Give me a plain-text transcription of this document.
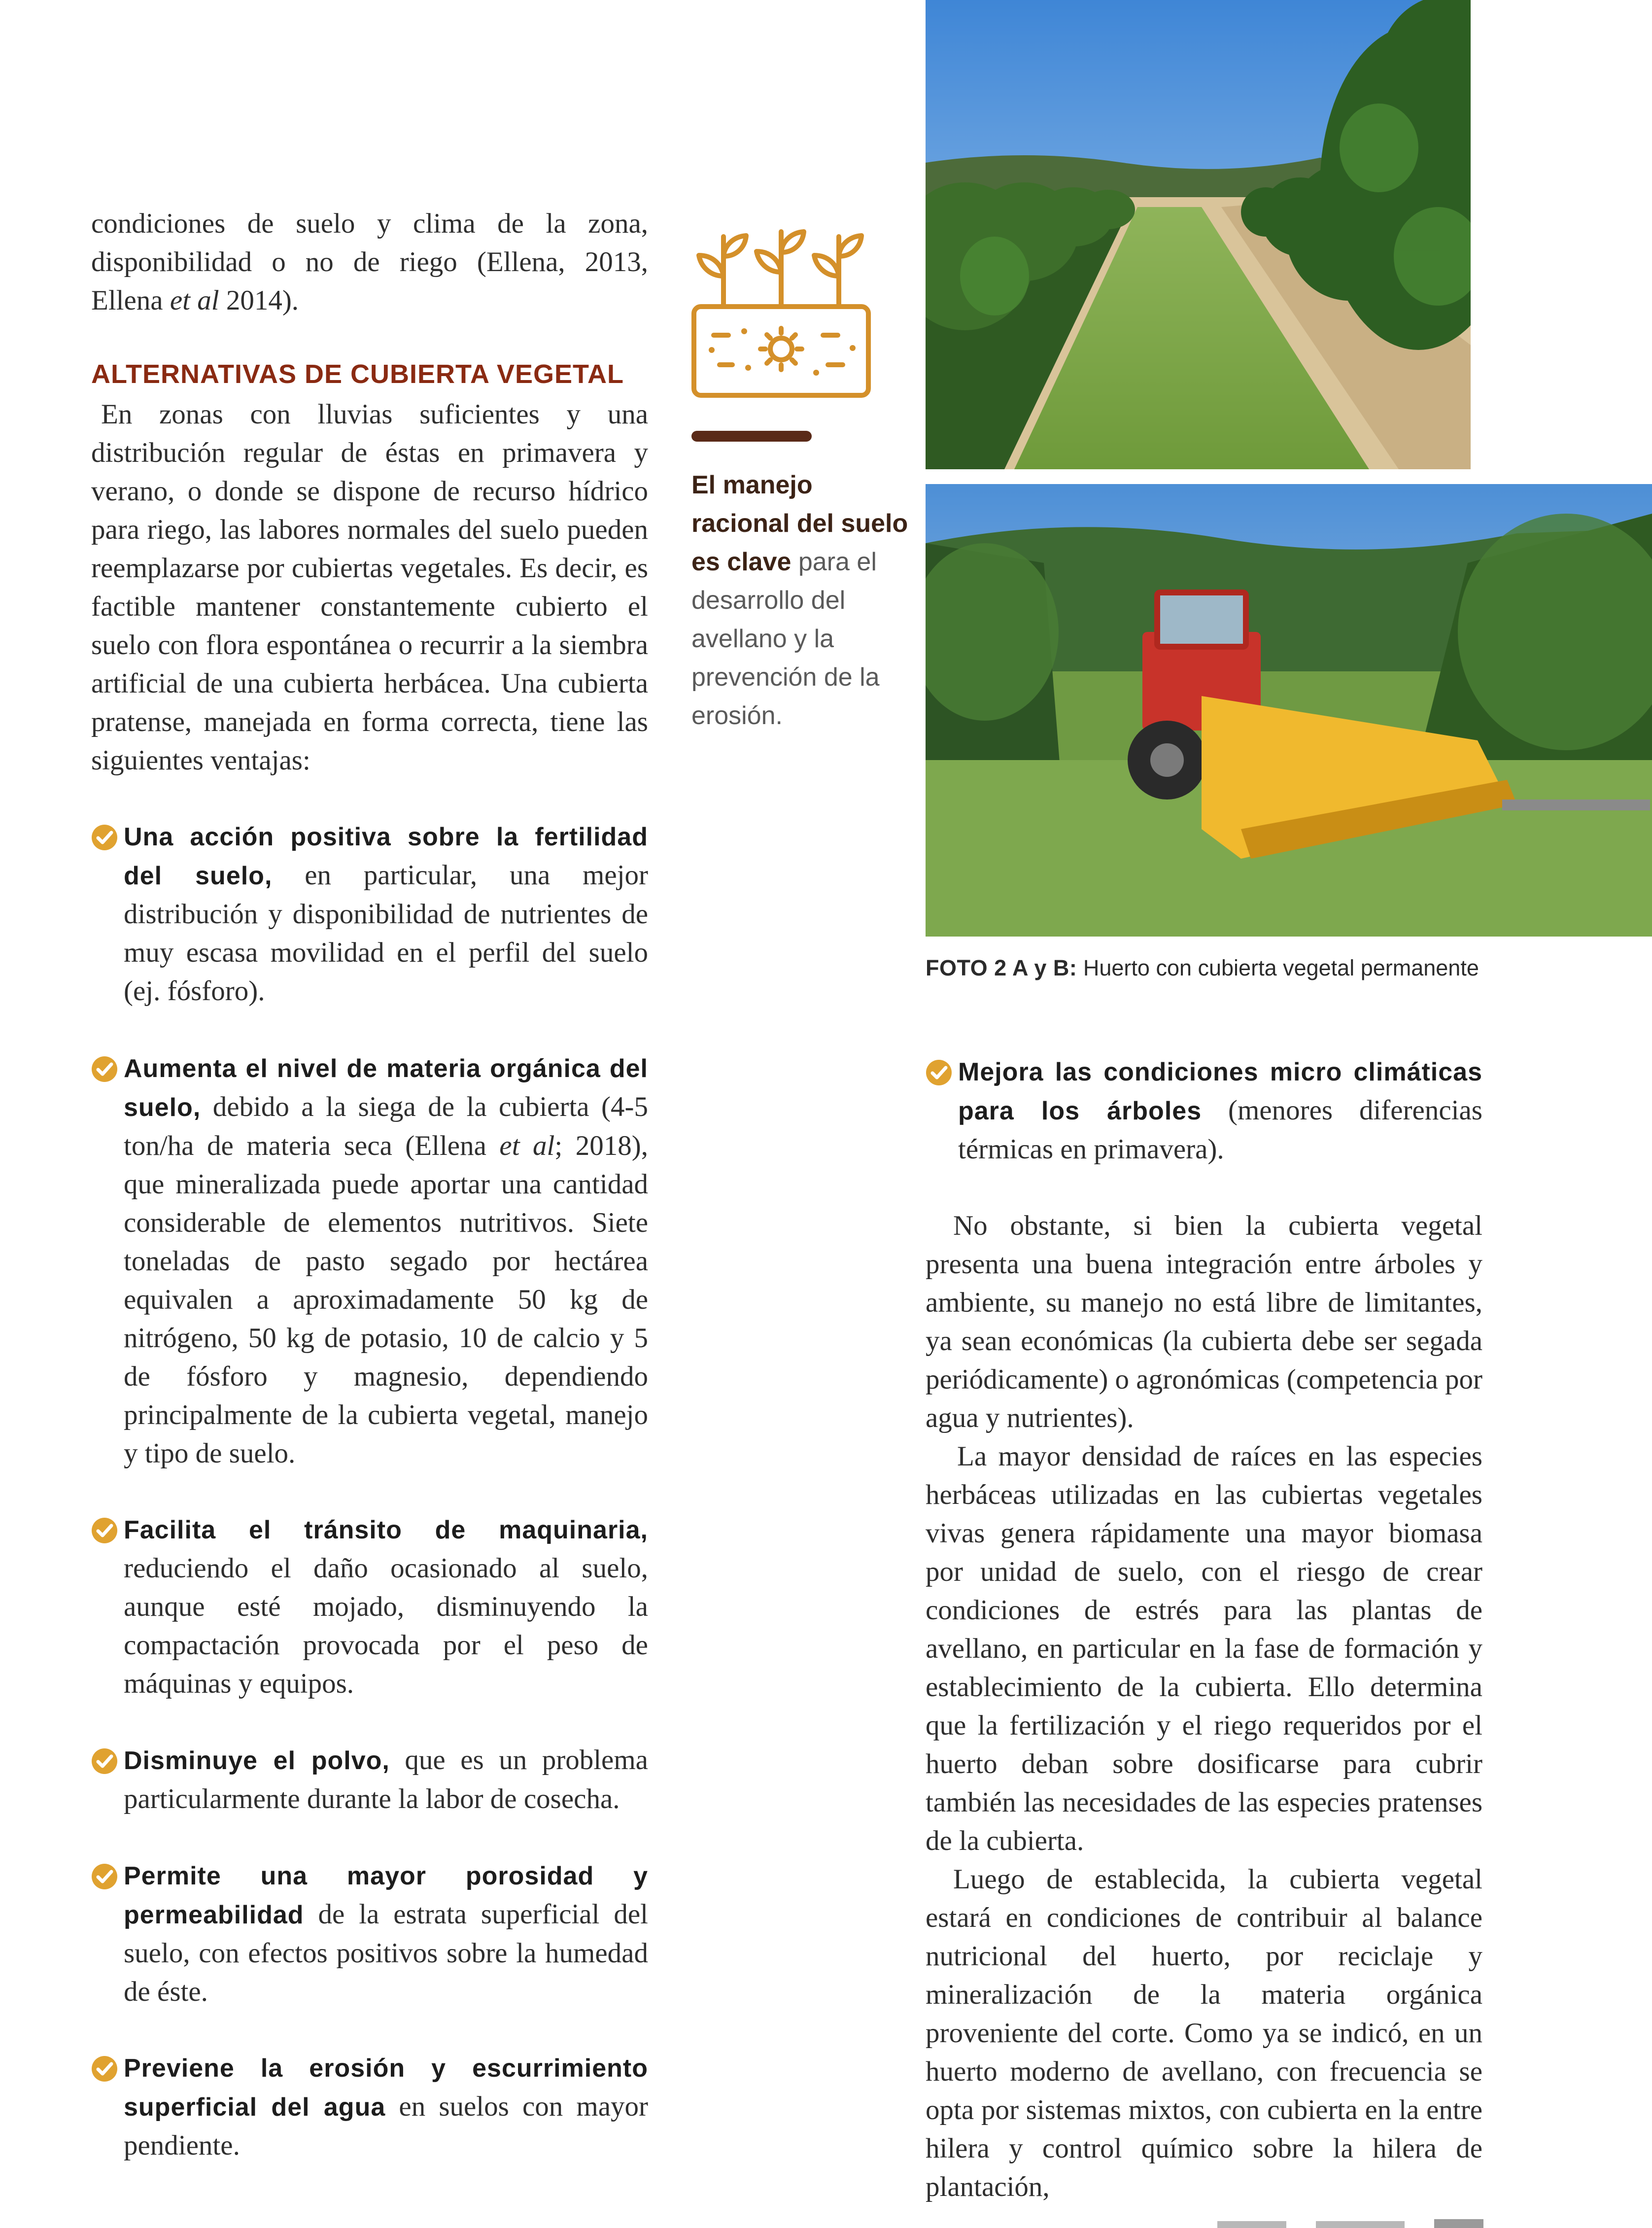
condiciones de suelo y clima de la zona, disponibilidad o no de riego (Ellena, 2013, Ellena et al 2014).
ALTERNATIVAS DE CUBIERTA VEGETAL
En zonas con lluvias suficientes y una distribución regular de éstas en primavera y verano, o donde se dispone de recurso hídrico para riego, las labores normales del suelo pueden reemplazarse por cubiertas vegetales. Es decir, es factible mantener constantemente cubierto el suelo con flora espontánea o recurrir a la siembra artificial de una cubierta herbácea. Una cubierta pratense, manejada en forma correcta, tiene las siguientes ventajas:
Una acción positiva sobre la fertilidad del suelo, en particular, una mejor distribución y disponibilidad de nutrientes de muy escasa movilidad en el perfil del suelo (ej. fósforo).
Aumenta el nivel de materia orgánica del suelo, debido a la siega de la cubierta (4-5 ton/ha de materia seca (Ellena et al; 2018), que mineralizada puede aportar una cantidad considerable de elementos nutritivos. Siete toneladas de pasto segado por hectárea equivalen a aproximadamente 50 kg de nitrógeno, 50 kg de potasio, 10 de calcio y 5 de fósforo y magnesio, dependiendo principalmente de la cubierta vegetal, manejo y tipo de suelo.
Facilita el tránsito de maquinaria, reduciendo el daño ocasionado al suelo, aunque esté mojado, disminuyendo la compactación provocada por el peso de máquinas y equipos.
Disminuye el polvo, que es un problema particularmente durante la labor de cosecha.
Permite una mayor porosidad y permeabilidad de la estrata superficial del suelo, con efectos positivos sobre la humedad de éste.
Previene la erosión y escurrimiento superficial del agua en suelos con mayor pendiente.
El manejo racional del suelo es clave para el desarrollo del avellano y la prevención de la erosión.
FOTO 2 A y B: Huerto con cubierta vegetal permanente
Mejora las condiciones micro climáticas para los árboles (menores diferencias térmicas en primavera).
No obstante, si bien la cubierta vegetal presenta una buena integración entre árboles y ambiente, su manejo no está libre de limitantes, ya sean económicas (la cubierta debe ser segada periódicamente) o agronómicas (competencia por agua y nutrientes).
La mayor densidad de raíces en las especies herbáceas utilizadas en las cubiertas vegetales vivas genera rápidamente una mayor biomasa por unidad de suelo, con el riesgo de crear condiciones de estrés para las plantas de avellano, en particular en la fase de formación y establecimiento de la cubierta. Ello determina que la fertilización y el riego requeridos por el huerto deban sobre dosificarse para cubrir también las necesidades de las especies pratenses de la cubierta.
Luego de establecida, la cubierta vegetal estará en condiciones de contribuir al balance nutricional del huerto, por reciclaje y mineralización de la materia orgánica proveniente del corte. Como ya se indicó, en un huerto moderno de avellano, con frecuencia se opta por sistemas mixtos, con cubierta en la entre hilera y control químico sobre la hilera de plantación,
